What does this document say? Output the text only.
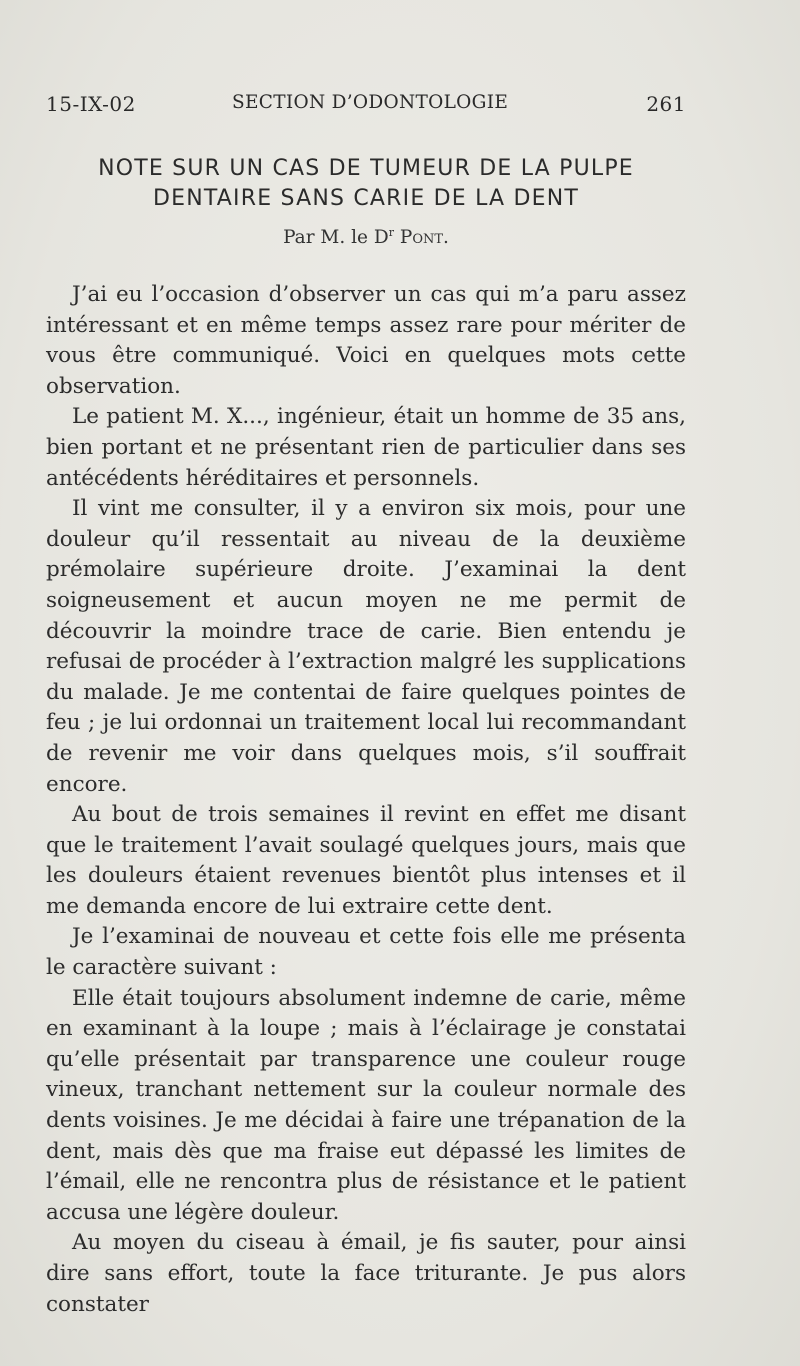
15-IX-02	SECTION D’ODONTOLOGIE	261
NOTE SUR UN CAS DE TUMEUR DE LA PULPE
DENTAIRE SANS CARIE DE LA DENT
Par M. le $D^r$ Pont.

J’ai eu l’occasion d’observer un cas qui m’a paru assez intéressant et en même temps assez rare pour mériter de vous être communiqué. Voici en quelques mots cette observation.

Le patient M. X..., ingénieur, était un homme de 35 ans, bien portant et ne présentant rien de particulier dans ses antécédents héréditaires et personnels.

Il vint me consulter, il y a environ six mois, pour une douleur qu’il ressentait au niveau de la deuxième prémolaire supérieure droite. J’examinai la dent soigneusement et aucun moyen ne me permit de découvrir la moindre trace de carie. Bien entendu je refusai de procéder à l’extraction malgré les supplications du malade. Je me contentai de faire quelques pointes de feu ; je lui ordonnai un traitement local lui recommandant de revenir me voir dans quelques mois, s’il souffrait encore.

Au bout de trois semaines il revint en effet me disant que le traitement l’avait soulagé quelques jours, mais que les douleurs étaient revenues bientôt plus intenses et il me demanda encore de lui extraire cette dent.

Je l’examinai de nouveau et cette fois elle me présenta le caractère suivant :

Elle était toujours absolument indemne de carie, même en examinant à la loupe ; mais à l’éclairage je constatai qu’elle présentait par transparence une couleur rouge vineux, tranchant nettement sur la couleur normale des dents voisines. Je me décidai à faire une trépanation de la dent, mais dès que ma fraise eut dépassé les limites de l’émail, elle ne rencontra plus de résistance et le patient accusa une légère douleur.

Au moyen du ciseau à émail, je fis sauter, pour ainsi dire sans effort, toute la face triturante. Je pus alors constater
